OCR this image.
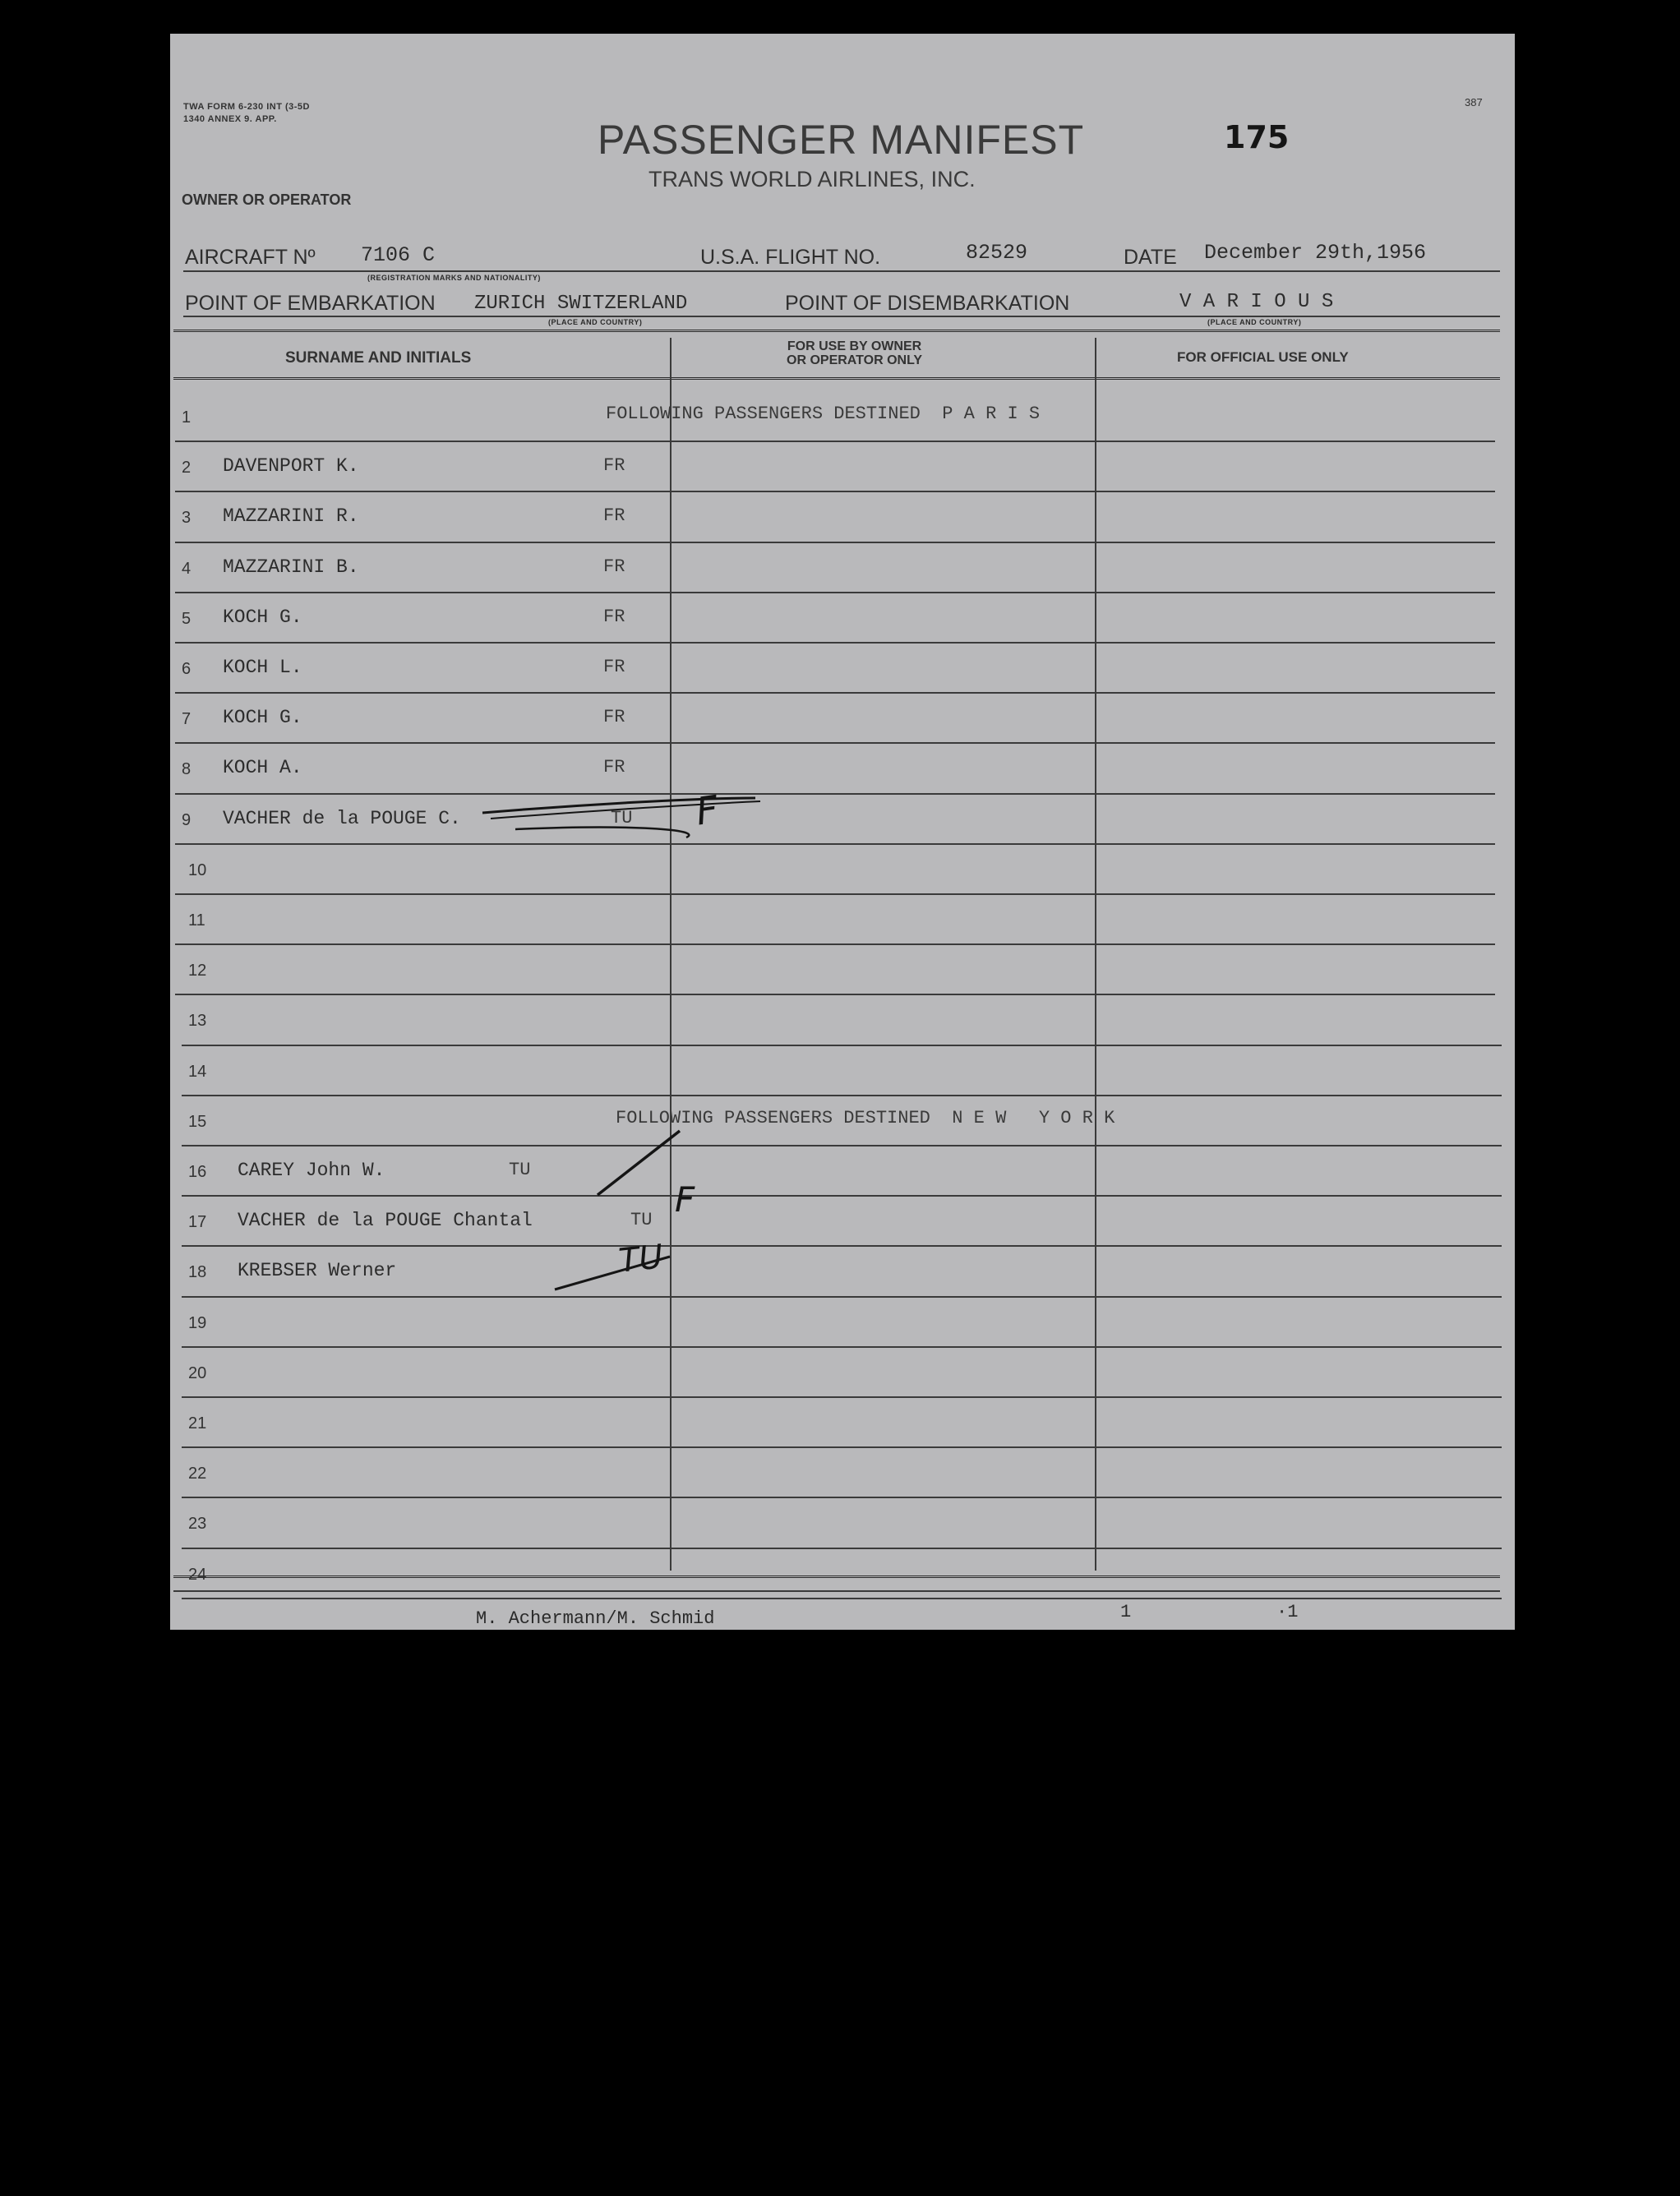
TWA FORM 6-230 INT (3-5D
1340 ANNEX 9. APP.
387
PASSENGER MANIFEST
TRANS WORLD AIRLINES, INC.
175
OWNER OR OPERATOR
AIRCRAFT Nº 7106 C	U.S.A. FLIGHT NO.	82529	DATE December 29th,1956
(REGISTRATION MARKS AND NATIONALITY)
POINT OF EMBARKATION ZURICH SWITZERLAND	POINT OF DISEMBARKATION	V A R I O U S
(PLACE AND COUNTRY)	(PLACE AND COUNTRY)
SURNAME AND INITIALS
FOR USE BY OWNER
OR OPERATOR ONLY	FOR OFFICIAL USE ONLY
1	FOLLOWING PASSENGERS DESTINED  P A R I S
2 DAVENPORT K.	FR
3 MAZZARINI R.	FR
4 MAZZARINI B.	FR
5 KOCH G.	FR
6 KOCH L.	FR
7 KOCH G.	FR
8 KOCH A.	FR
9 VACHER de la POUGE C.	TU
10
11
12
13
14
15	FOLLOWING PASSENGERS DESTINED  N E W   Y O R K
16 CAREY John W.	TU
17 VACHER de la POUGE Chantal	TU
18 KREBSER Werner
19
20
21
22
23
24
F
F
TU
M. Achermann/M. Schmid	1	·1
